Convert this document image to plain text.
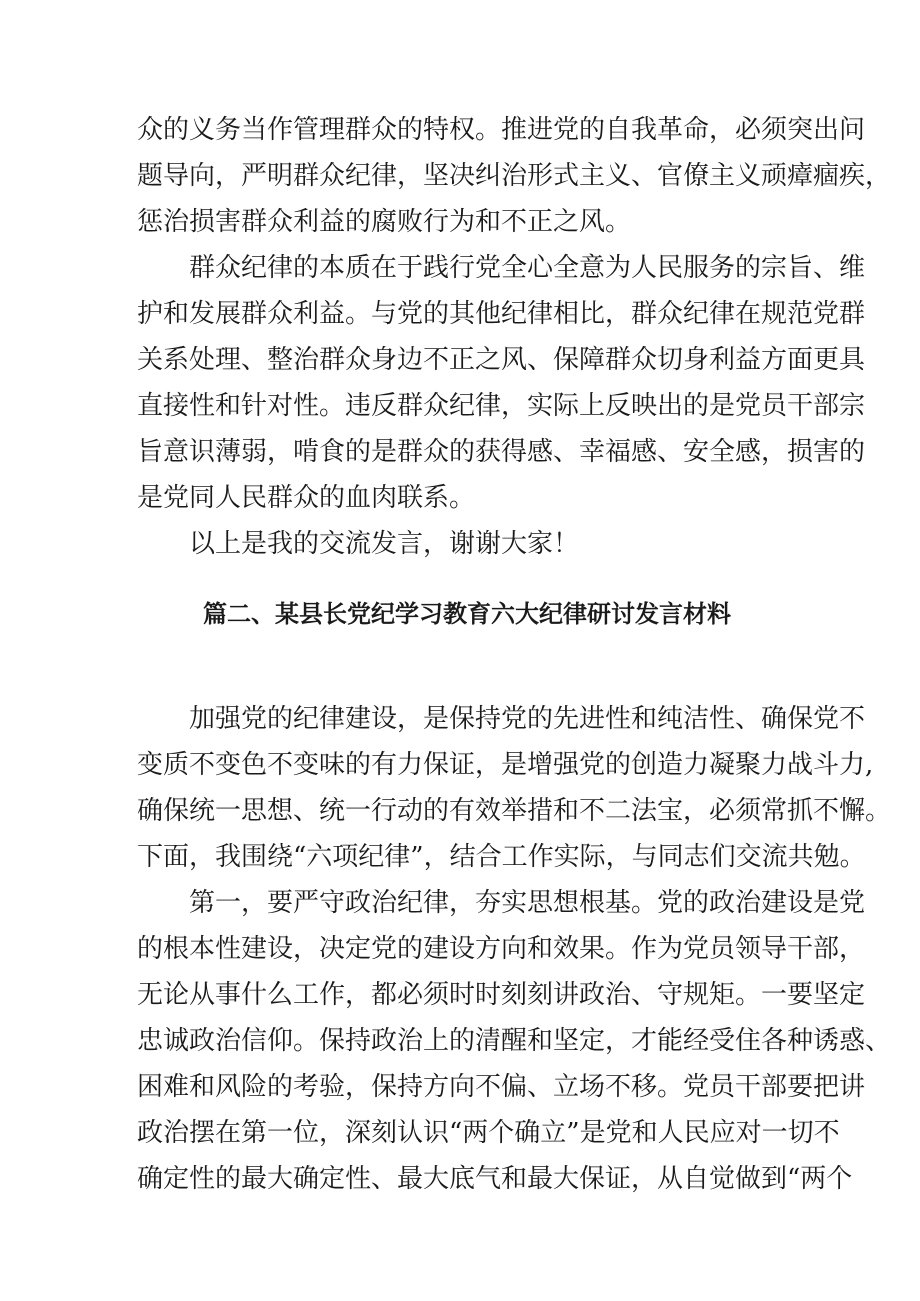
众的义务当作管理群众的特权。推进党的自我革命，必须突出问
题导向，严明群众纪律，坚决纠治形式主义、官僚主义顽瘴痼疾，
惩治损害群众利益的腐败行为和不正之风。
　　群众纪律的本质在于践行党全心全意为人民服务的宗旨、维
护和发展群众利益。与党的其他纪律相比，群众纪律在规范党群
关系处理、整治群众身边不正之风、保障群众切身利益方面更具
直接性和针对性。违反群众纪律，实际上反映出的是党员干部宗
旨意识薄弱，啃食的是群众的获得感、幸福感、安全感，损害的
是党同人民群众的血肉联系。
　　以上是我的交流发言，谢谢大家！
篇二、某县长党纪学习教育六大纪律研讨发言材料
　　加强党的纪律建设，是保持党的先进性和纯洁性、确保党不
变质不变色不变味的有力保证，是增强党的创造力凝聚力战斗力,
确保统一思想、统一行动的有效举措和不二法宝，必须常抓不懈。
下面，我围绕“六项纪律”，结合工作实际，与同志们交流共勉。
　　第一，要严守政治纪律，夯实思想根基。党的政治建设是党
的根本性建设，决定党的建设方向和效果。作为党员领导干部，
无论从事什么工作，都必须时时刻刻讲政治、守规矩。一要坚定
忠诚政治信仰。保持政治上的清醒和坚定，才能经受住各种诱惑、
困难和风险的考验，保持方向不偏、立场不移。党员干部要把讲
政治摆在第一位，深刻认识“两个确立”是党和人民应对一切不
确定性的最大确定性、最大底气和最大保证，从自觉做到“两个
